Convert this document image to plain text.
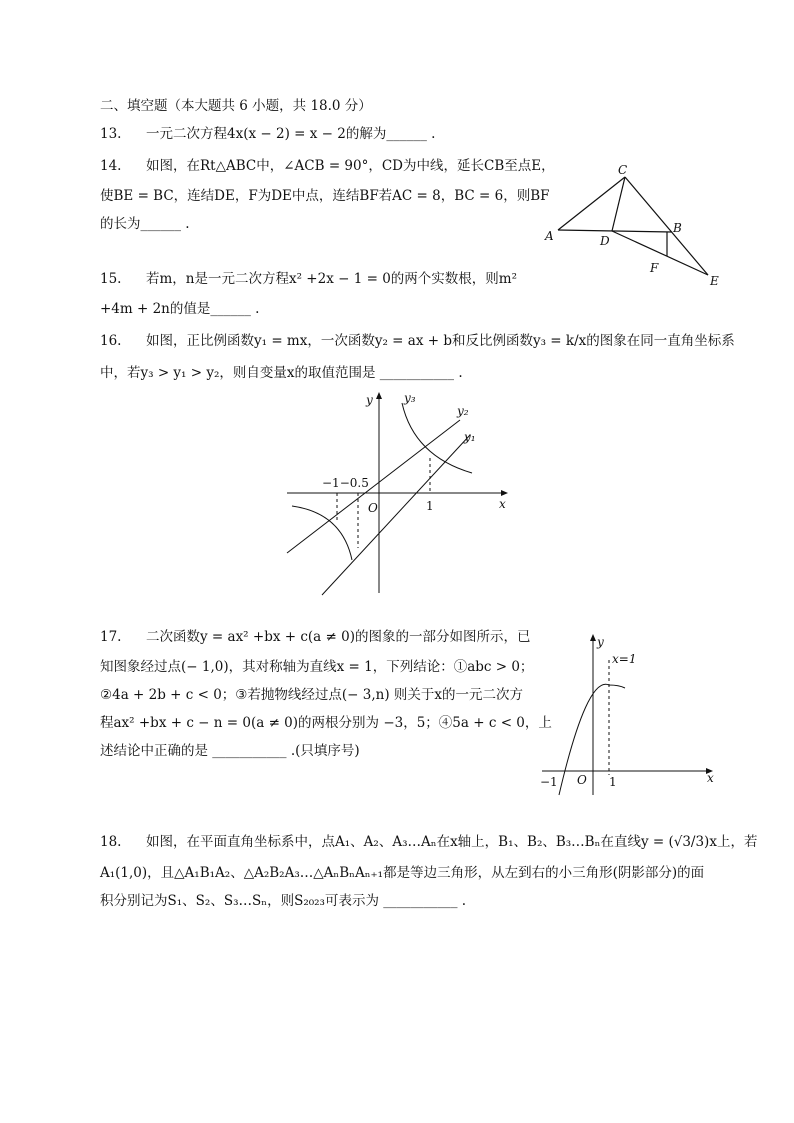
二、填空题（本大题共 6 小题，共 18.0 分）
13. 一元二次方程4x(x − 2) = x − 2的解为______ .
14. 如图，在Rt△ABC中，∠ACB = 90°，CD为中线，延长CB至点E，
使BE = BC，连结DE，F为DE中点，连结BF若AC = 8，BC = 6，则BF
的长为______ .
C
A	D
B
F
E
15. 若m，n是一元二次方程x² +2x − 1 = 0的两个实数根，则m²
+4m + 2n的值是______ .
16. 如图，正比例函数y₁ = mx，一次函数y₂ = ax + b和反比例函数y₃ = k/x的图象在同一直角坐标系
中，若y₃ > y₁ > y₂，则自变量x的取值范围是 ___________ .
y
x
O
y₃
y₂
y₁
−1−0.5
1
17. 二次函数y = ax² +bx + c(a ≠ 0)的图象的一部分如图所示，已
知图象经过点(− 1,0)，其对称轴为直线x = 1，下列结论：①abc > 0；
②4a + 2b + c < 0；③若抛物线经过点(− 3,n) 则关于x的一元二次方
程ax² +bx + c − n = 0(a ≠ 0)的两根分别为 −3，5；④5a + c < 0，上
述结论中正确的是 ___________ .(只填序号)
y
x
O
x=1
−1	1
18. 如图，在平面直角坐标系中，点A₁、A₂、A₃…Aₙ在x轴上，B₁、B₂、B₃…Bₙ在直线y = (√3/3)x上，若
A₁(1,0)，且△A₁B₁A₂、△A₂B₂A₃…△AₙBₙAₙ₊₁都是等边三角形，从左到右的小三角形(阴影部分)的面
积分别记为S₁、S₂、S₃…Sₙ，则S₂₀₂₃可表示为 ___________ .
